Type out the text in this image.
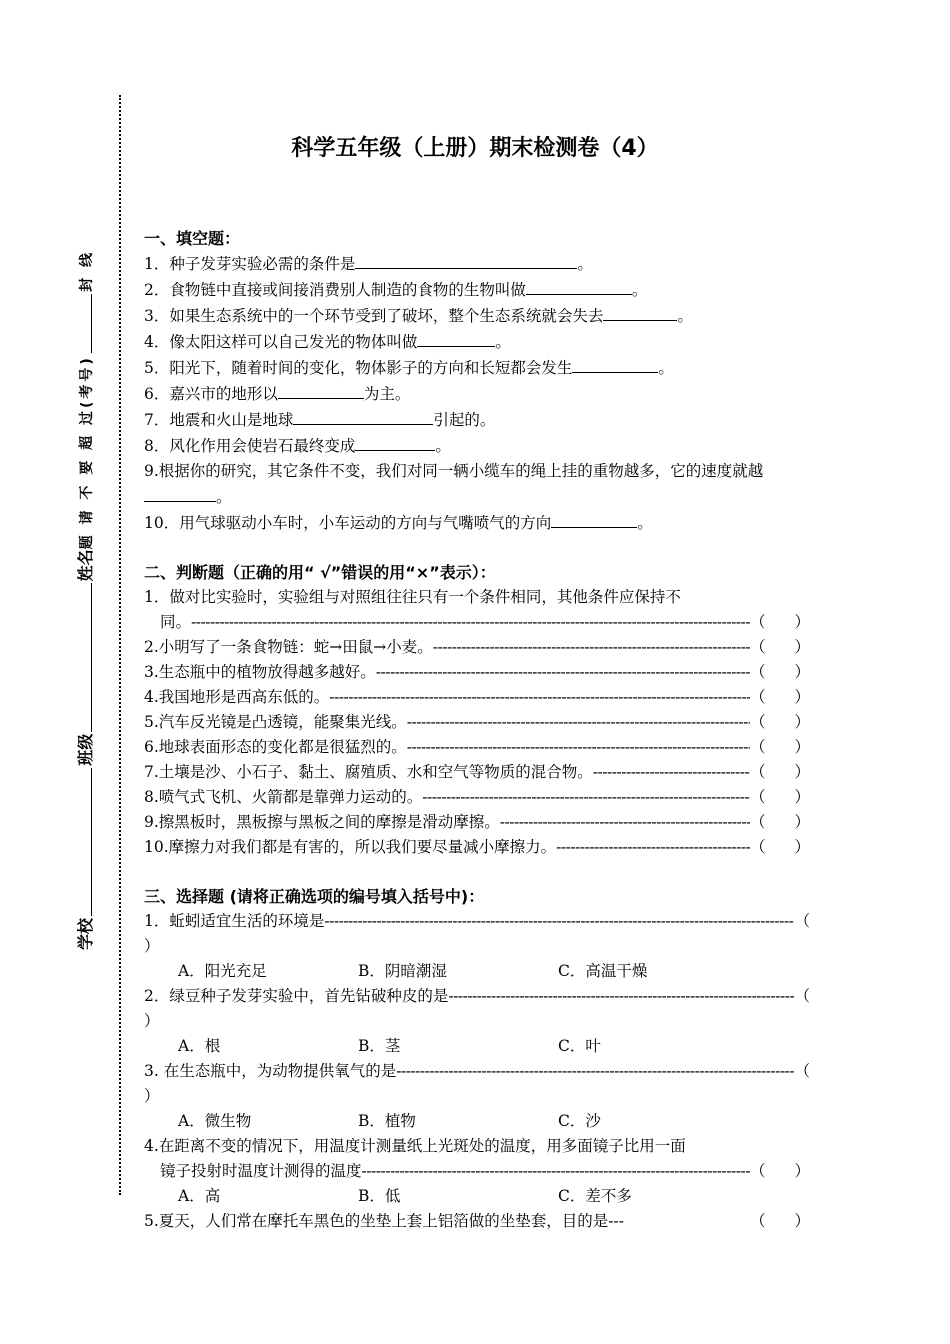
学校
班级
姓名
题 请 不 要 超 过(考号)
封 线
科学五年级（上册）期末检测卷（4）
一、填空题：
1．种子发芽实验必需的条件是	。
2．食物链中直接或间接消费别人制造的食物的生物叫做	。
3．如果生态系统中的一个环节受到了破坏，整个生态系统就会失去	。
4．像太阳这样可以自己发光的物体叫做	。
5．阳光下，随着时间的变化，物体影子的方向和长短都会发生	。
6．嘉兴市的地形以	为主。
7．地震和火山是地球	引起的。
8．风化作用会使岩石最终变成	。
9.根据你的研究，其它条件不变，我们对同一辆小缆车的绳上挂的重物越多，它的速度就越。
10．用气球驱动小车时，小车运动的方向与气嘴喷气的方向	。
二、判断题（正确的用“ √”错误的用“×”表示）：
1．做对比实验时，实验组与对照组往往只有一个条件相同，其他条件应保持不
同。 -----	（ ）
2.小明写了一条食物链：蛇→田鼠→小麦。 -----	（ ）
3.生态瓶中的植物放得越多越好。 -----	（ ）
4.我国地形是西高东低的。 -----	（ ）
5.汽车反光镜是凸透镜，能聚集光线。 -----	（ ）
6.地球表面形态的变化都是很猛烈的。 -----	（ ）
7.土壤是沙、小石子、黏土、腐殖质、水和空气等物质的混合物。 -----	（ ）
8.喷气式飞机、火箭都是靠弹力运动的。 -----	（ ）
9.擦黑板时，黑板擦与黑板之间的摩擦是滑动摩擦。 -----	（ ）
10.摩擦力对我们都是有害的，所以我们要尽量减小摩擦力。 -----	（ ）
三、选择题 (请将正确选项的编号填入括号中)：
1．蚯蚓适宜生活的环境是 -----	（
）
A．阳光充足	B．阴暗潮湿	C．高温干燥
2．绿豆种子发芽实验中，首先钻破种皮的是 -----	（
）
A．根	B．茎	C．叶
3. 在生态瓶中，为动物提供氧气的是 -----	（
）
A．微生物	B．植物	C．沙
4.在距离不变的情况下，用温度计测量纸上光斑处的温度，用多面镜子比用一面
镜子投射时温度计测得的温度 -----	（ ）
A．高	B．低	C．差不多
5.夏天，人们常在摩托车黑色的坐垫上套上铝箔做的坐垫套，目的是---	（ ）
